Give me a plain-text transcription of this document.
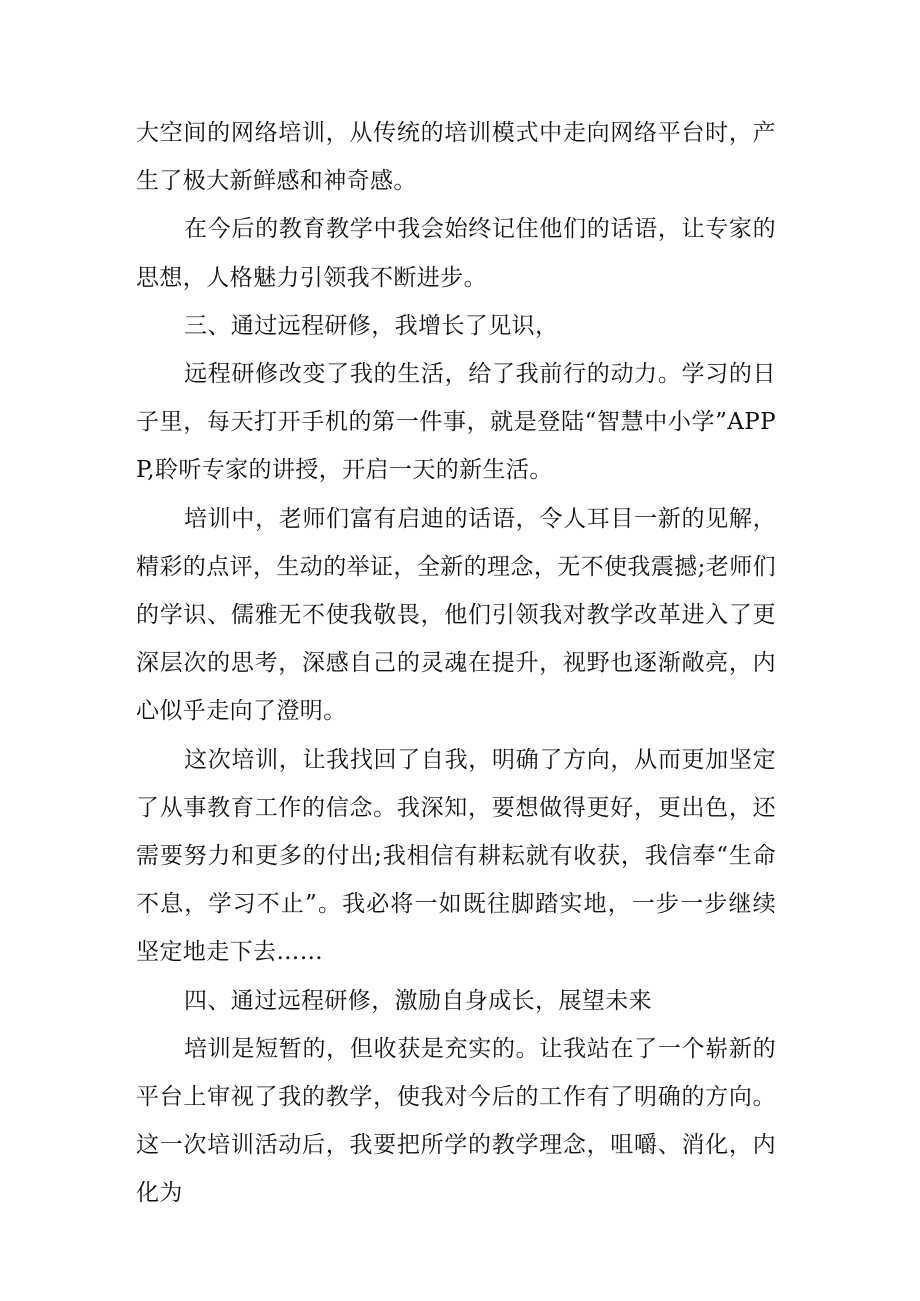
大空间的网络培训，从传统的培训模式中走向网络平台时，产生了极大新鲜感和神奇感。

在今后的教育教学中我会始终记住他们的话语，让专家的思想，人格魅力引领我不断进步。

三、通过远程研修，我增长了见识，

远程研修改变了我的生活，给了我前行的动力。学习的日子里，每天打开手机的第一件事，就是登陆“智慧中小学”APPP,聆听专家的讲授，开启一天的新生活。

培训中，老师们富有启迪的话语，令人耳目一新的见解，精彩的点评，生动的举证，全新的理念，无不使我震撼;老师们的学识、儒雅无不使我敬畏，他们引领我对教学改革进入了更深层次的思考，深感自己的灵魂在提升，视野也逐渐敞亮，内心似乎走向了澄明。

这次培训，让我找回了自我，明确了方向，从而更加坚定了从事教育工作的信念。我深知，要想做得更好，更出色，还需要努力和更多的付出;我相信有耕耘就有收获，我信奉“生命不息，学习不止”。我必将一如既往脚踏实地，一步一步继续坚定地走下去……

四、通过远程研修，激励自身成长，展望未来

培训是短暂的，但收获是充实的。让我站在了一个崭新的平台上审视了我的教学，使我对今后的工作有了明确的方向。这一次培训活动后，我要把所学的教学理念，咀嚼、消化，内化为
